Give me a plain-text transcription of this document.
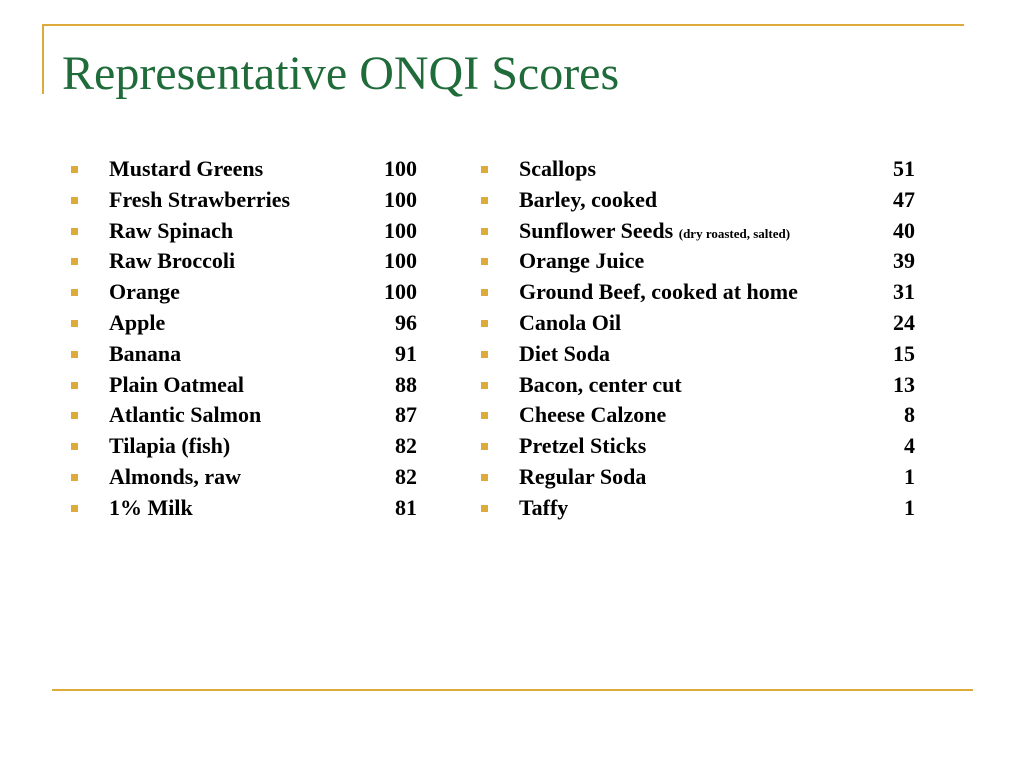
Representative ONQI Scores
Mustard Greens	100
Fresh Strawberries	100
Raw Spinach	100
Raw Broccoli	100
Orange	100
Apple	96
Banana	91
Plain Oatmeal	88
Atlantic Salmon	87
Tilapia (fish)	82
Almonds, raw	82
1% Milk	81
Scallops	51
Barley, cooked	47
Sunflower Seeds (dry roasted, salted)	40
Orange Juice	39
Ground Beef, cooked at home	31
Canola Oil	24
Diet Soda	15
Bacon, center cut	13
Cheese Calzone	8
Pretzel Sticks	4
Regular Soda	1
Taffy	1
